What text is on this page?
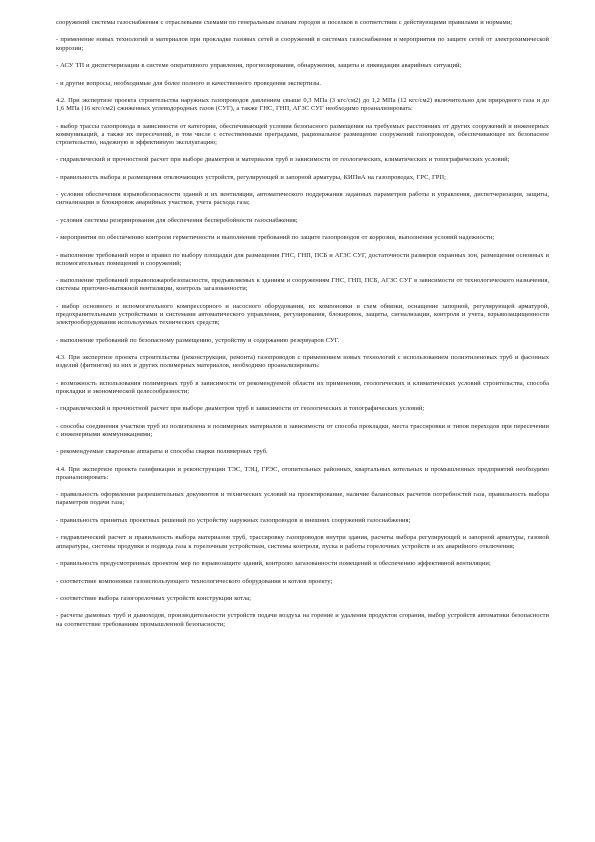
сооружений системы газоснабжения с отраслевыми схемами по генеральным планам городов и поселков в соответствии с действующими правилами и нормами;

- применение новых технологий и материалов при прокладке газовых сетей и сооружений в системах газоснабжения и мероприятия по защите сетей от электрохимической коррозии;

- АСУ ТП и диспетчеризации в системе оперативного управления, прогнозирования, обнаружения, защиты и ликвидации аварийных ситуаций;

- и другие вопросы, необходимые для более полного и качественного проведения экспертизы.

4.2. При экспертизе проекта строительства наружных газопроводов давлением свыше 0,3 МПа (3 кгс/см2) до 1,2 МПа (12 кгс/см2) включительно для природного газа и до 1,6 МПа (16 кгс/см2) сжиженных углеводородных газов (СУГ), а также ГНС, ГНП, АГЗС СУГ необходимо проанализировать:

- выбор трассы газопровода в зависимости от категории, обеспечивающей условия безопасного размещения на требуемых расстояниях от других сооружений и инженерных коммуникаций, а также их пересечений, в том числе с естественными преградами, рациональное размещение сооружений газопроводов, обеспечивающее их безопасное строительство, надежную и эффективную эксплуатацию;

- гидравлический и прочностной расчет при выборе диаметров и материалов труб в зависимости от геологических, климатических и топографических условий;

- правильность выбора и размещения отключающих устройств, регулирующей и запорной арматуры, КИПиА на газопроводах, ГРС, ГРП;

- условия обеспечения взрывобезопасности зданий и их вентиляции, автоматического поддержания заданных параметров работы и управления, диспетчеризации, защиты, сигнализации и блокировок аварийных участков, учета расхода газа;

- условия системы резервирования для обеспечения бесперебойности газоснабжения;

- мероприятия по обеспечению контроля герметичности и выполнения требований по защите газопроводов от коррозии, выполнения условий надежности;

- выполнение требований норм и правил по выбору площадки для размещения ГНС, ГНП, ПСБ и АГЗС СУГ, достаточности размеров охранных зон, размещения основных и вспомогательных помещений и сооружений;

- выполнение требований взрывопожаробезопасности, предъявляемых к зданиям и сооружениям ГНС, ГНП, ПСБ, АГЗС СУГ в зависимости от технологического назначения, системы приточно-вытяжной вентиляции, контроль загазованности;

- выбор основного и вспомогательного компрессорного и насосного оборудования, их компоновки и схем обвязки, оснащение запорной, регулирующей арматурой, предохранительными устройствами и системами автоматического управления, регулирования, блокировок, защиты, сигнализации, контроля и учета, взрывозащищенности электрооборудования используемых технических средств;

- выполнение требований по безопасному размещению, устройству и содержанию резервуаров СУГ.

4.3. При экспертизе проекта строительства (реконструкции, ремонта) газопроводов с применением новых технологий с использованием полиэтиленовых труб и фасонных изделий (фитингов) из них и других полимерных материалов, необходимо проанализировать:

- возможность использования полимерных труб в зависимости от рекомендуемой области их применения, геологических и климатических условий строительства, способа прокладки и экономической целесообразности;

- гидравлический и прочностной расчет при выборе диаметров труб в зависимости от геологических и топографических условий;

- способы соединения участков труб из полиэтилена и полимерных материалов в зависимости от способа прокладки, места трассировки и типов переходов при пересечении с инженерными коммуникациями;

- рекомендуемые сварочные аппараты и способы сварки полимерных труб.

4.4. При экспертизе проекта газификации и реконструкции ТЭС, ТЭЦ, ГРЭС, отопительных районных, квартальных котельных и промышленных предприятий необходимо проанализировать:

- правильность оформления разрешительных документов и технических условий на проектирование, наличие балансовых расчетов потребностей газа, правильность выбора параметров подачи газа;

- правильность принятых проектных решений по устройству наружных газопроводов и внешних сооружений газоснабжения;

- гидравлический расчет и правильность выбора материалов труб, трассировку газопроводов внутри здания, расчеты выбора регулирующей и запорной арматуры, газовой аппаратуры, системы продувки и подвода газа к горелочным устройствам, системы контроля, пуска и работы горелочных устройств и их аварийного отключения;

- правильность предусмотренных проектом мер по взрывозащите зданий, контролю загазованности помещений и обеспечению эффективной вентиляции;

- соответствие компоновки газоиспользующего технологического оборудования и котлов проекту;

- соответствие выбора газогорелочных устройств конструкции котла;

- расчеты дымовых труб и дымоходов, производительности устройств подачи воздуха на горение и удаления продуктов сгорания, выбор устройств автоматики безопасности на соответствие требованиям промышленной безопасности;
